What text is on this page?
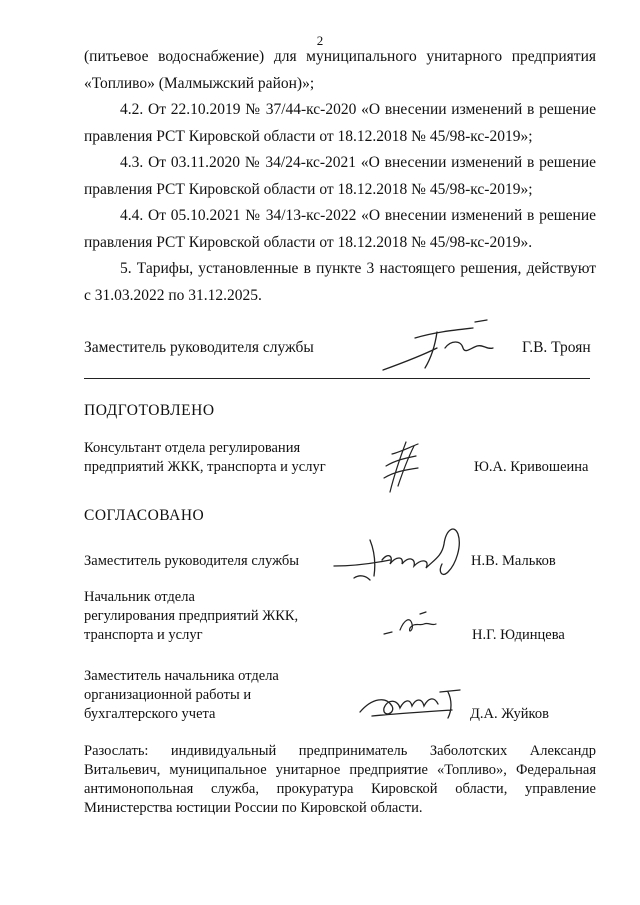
2

(питьевое водоснабжение) для муниципального унитарного предприятия «Топливо» (Малмыжский район)»;

4.2. От 22.10.2019 № 37/44-кс-2020 «О внесении изменений в решение правления РСТ Кировской области от 18.12.2018 № 45/98-кс-2019»;

4.3. От 03.11.2020 № 34/24-кс-2021 «О внесении изменений в решение правления РСТ Кировской области от 18.12.2018 № 45/98-кс-2019»;

4.4. От 05.10.2021 № 34/13-кс-2022 «О внесении изменений в решение правления РСТ Кировской области от 18.12.2018 № 45/98-кс-2019».

5. Тарифы, установленные в пункте 3 настоящего решения, действуют с 31.03.2022 по 31.12.2025.

Заместитель руководителя службы	Г.В. Троян
ПОДГОТОВЛЕНО
Консультант отдела регулирования
предприятий ЖКК, транспорта и услуг	Ю.А. Кривошеина
СОГЛАСОВАНО
Заместитель руководителя службы	Н.В. Мальков
Начальник отдела
регулирования предприятий ЖКК,
транспорта и услуг	Н.Г. Юдинцева
Заместитель начальника отдела
организационной работы и
бухгалтерского учета	Д.А. Жуйков

Разослать: индивидуальный предприниматель Заболотских Александр Витальевич, муниципальное унитарное предприятие «Топливо», Федеральная антимонопольная служба, прокуратура Кировской области, управление Министерства юстиции России по Кировской области.
